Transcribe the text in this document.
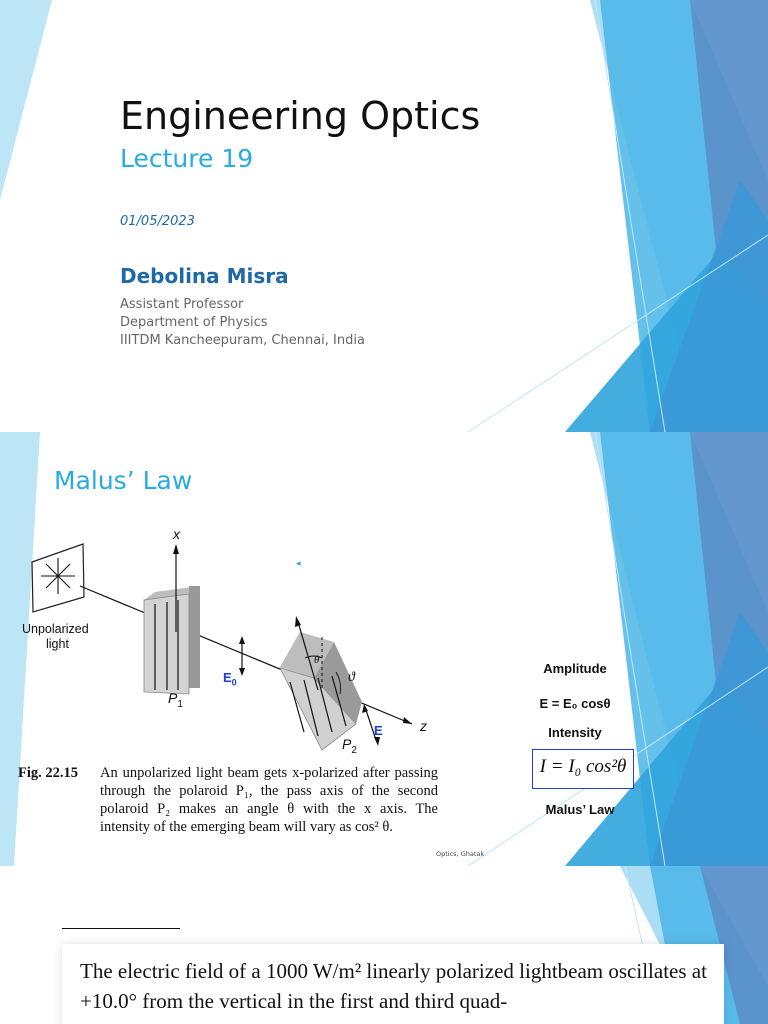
Engineering Optics
Lecture 19
01/05/2023
Debolina Misra
Assistant Professor
Department of Physics
IIITDM Kancheepuram, Chennai, India
Malus’ Law
x
z
Unpolarized
light
$P_1$
$P_2$
$E_0$
E
θ
ϑ
◂
Fig. 22.15 An unpolarized light beam gets x-polarized after passing through the polaroid P₁, the pass axis of the second polaroid P₂ makes an angle θ with the x axis. The intensity of the emerging beam will vary as cos² θ.
Optics, Ghatak
Amplitude
E = E₀ cosθ
Intensity
I = I₀ cos²θ
Malus’ Law
The electric field of a 1000 W/m² linearly polarized lightbeam oscillates at +10.0° from the vertical in the first and third quad-
